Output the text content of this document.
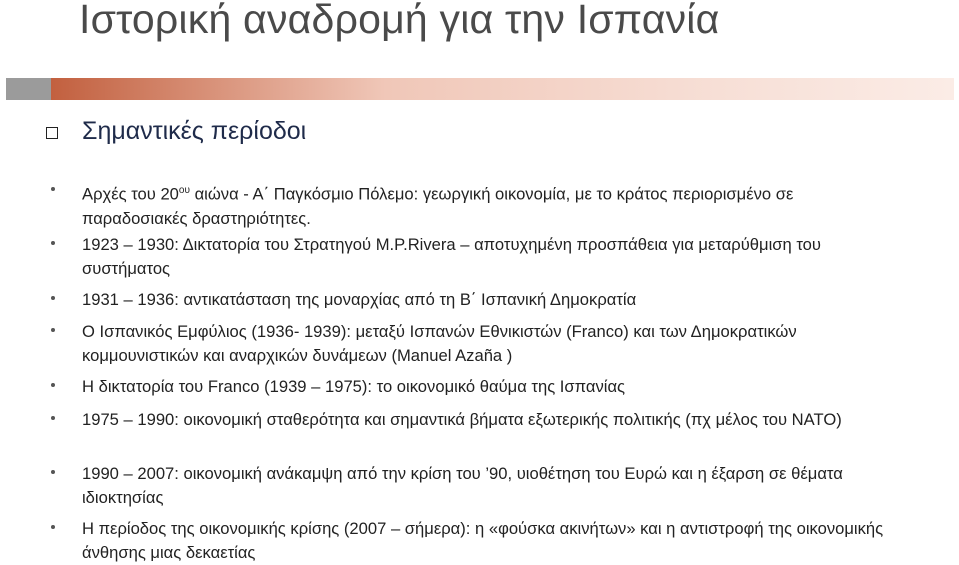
Ιστορική αναδρομή για την Ισπανία
Σημαντικές περίοδοι

Αρχές του $20^{o\upsilon}$ αιώνα - Α΄ Παγκόσμιο Πόλεμο: γεωργική οικονομία, με το κράτος περιορισμένο σε παραδοσιακές δραστηριότητες.

1923 – 1930: Δικτατορία του Στρατηγού M.P.Rivera – αποτυχημένη προσπάθεια για μεταρύθμιση του συστήματος

1931 – 1936: αντικατάσταση της μοναρχίας από τη Β΄ Ισπανική Δημοκρατία

Ο Ισπανικός Εμφύλιος (1936- 1939): μεταξύ Ισπανών Εθνικιστών (Franco) και των Δημοκρατικών κομμουνιστικών και αναρχικών δυνάμεων (Manuel Azaña )

Η δικτατορία του Franco (1939 – 1975): το οικονομικό θαύμα της Ισπανίας

1975 – 1990: οικονομική σταθερότητα και σημαντικά βήματα εξωτερικής πολιτικής (πχ μέλος του ΝΑΤΟ)

1990 – 2007: οικονομική ανάκαμψη από την κρίση του ’90, υιοθέτηση του Ευρώ και η έξαρση σε θέματα ιδιοκτησίας

Η περίοδος της οικονομικής κρίσης (2007 – σήμερα): η «φούσκα ακινήτων» και η αντιστροφή της οικονομικής άνθησης μιας δεκαετίας
